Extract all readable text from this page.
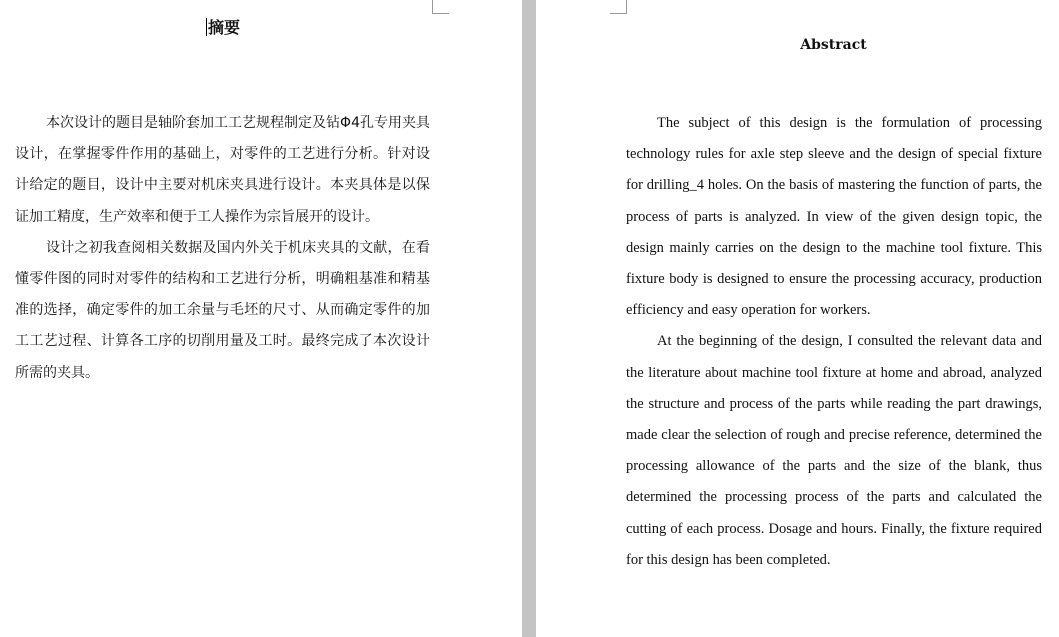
摘要

本次设计的题目是轴阶套加工工艺规程制定及钻Φ4孔专用夹具设计，在掌握零件作用的基础上，对零件的工艺进行分析。针对设计给定的题目，设计中主要对机床夹具进行设计。本夹具体是以保证加工精度，生产效率和便于工人操作为宗旨展开的设计。

设计之初我查阅相关数据及国内外关于机床夹具的文献，在看懂零件图的同时对零件的结构和工艺进行分析，明确粗基准和精基准的选择，确定零件的加工余量与毛坯的尺寸、从而确定零件的加工工艺过程、计算各工序的切削用量及工时。最终完成了本次设计所需的夹具。

Abstract

The subject of this design is the formulation of processing technology rules for axle step sleeve and the design of special fixture for drilling_4 holes. On the basis of mastering the function of parts, the process of parts is analyzed. In view of the given design topic, the design mainly carries on the design to the machine tool fixture. This fixture body is designed to ensure the processing accuracy, production efficiency and easy operation for workers.

At the beginning of the design, I consulted the relevant data and the literature about machine tool fixture at home and abroad, analyzed the structure and process of the parts while reading the part drawings, made clear the selection of rough and precise reference, determined the processing allowance of the parts and the size of the blank, thus determined the processing process of the parts and calculated the cutting of each process. Dosage and hours. Finally, the fixture required for this design has been completed.
